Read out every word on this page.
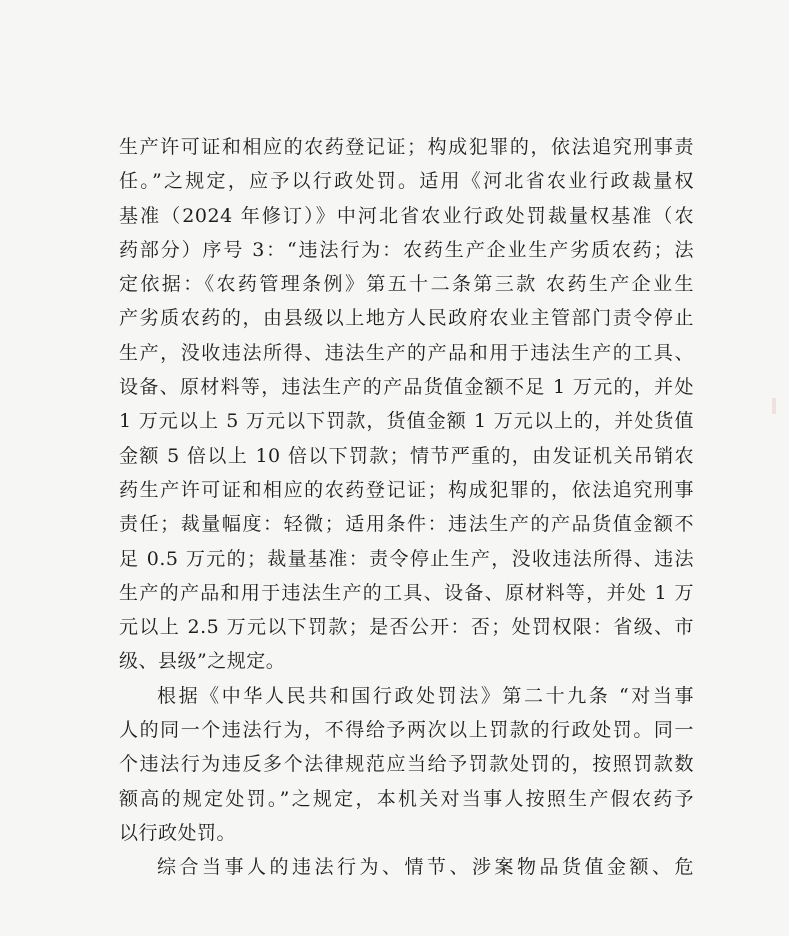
生产许可证和相应的农药登记证；构成犯罪的，依法追究刑事责
任。”之规定，应予以行政处罚。适用《河北省农业行政裁量权
基准（2024 年修订）》中河北省农业行政处罚裁量权基准（农
药部分）序号 3：“违法行为：农药生产企业生产劣质农药；法
定依据：《农药管理条例》第五十二条第三款 农药生产企业生
产劣质农药的，由县级以上地方人民政府农业主管部门责令停止
生产，没收违法所得、违法生产的产品和用于违法生产的工具、
设备、原材料等，违法生产的产品货值金额不足 1 万元的，并处
1 万元以上 5 万元以下罚款，货值金额 1 万元以上的，并处货值
金额 5 倍以上 10 倍以下罚款；情节严重的，由发证机关吊销农
药生产许可证和相应的农药登记证；构成犯罪的，依法追究刑事
责任；裁量幅度：轻微；适用条件：违法生产的产品货值金额不
足 0.5 万元的；裁量基准：责令停止生产，没收违法所得、违法
生产的产品和用于违法生产的工具、设备、原材料等，并处 1 万
元以上 2.5 万元以下罚款；是否公开：否；处罚权限：省级、市
级、县级”之规定。
根据《中华人民共和国行政处罚法》第二十九条 “对当事
人的同一个违法行为，不得给予两次以上罚款的行政处罚。同一
个违法行为违反多个法律规范应当给予罚款处罚的，按照罚款数
额高的规定处罚。”之规定，本机关对当事人按照生产假农药予
以行政处罚。
综合当事人的违法行为、情节、涉案物品货值金额、危
